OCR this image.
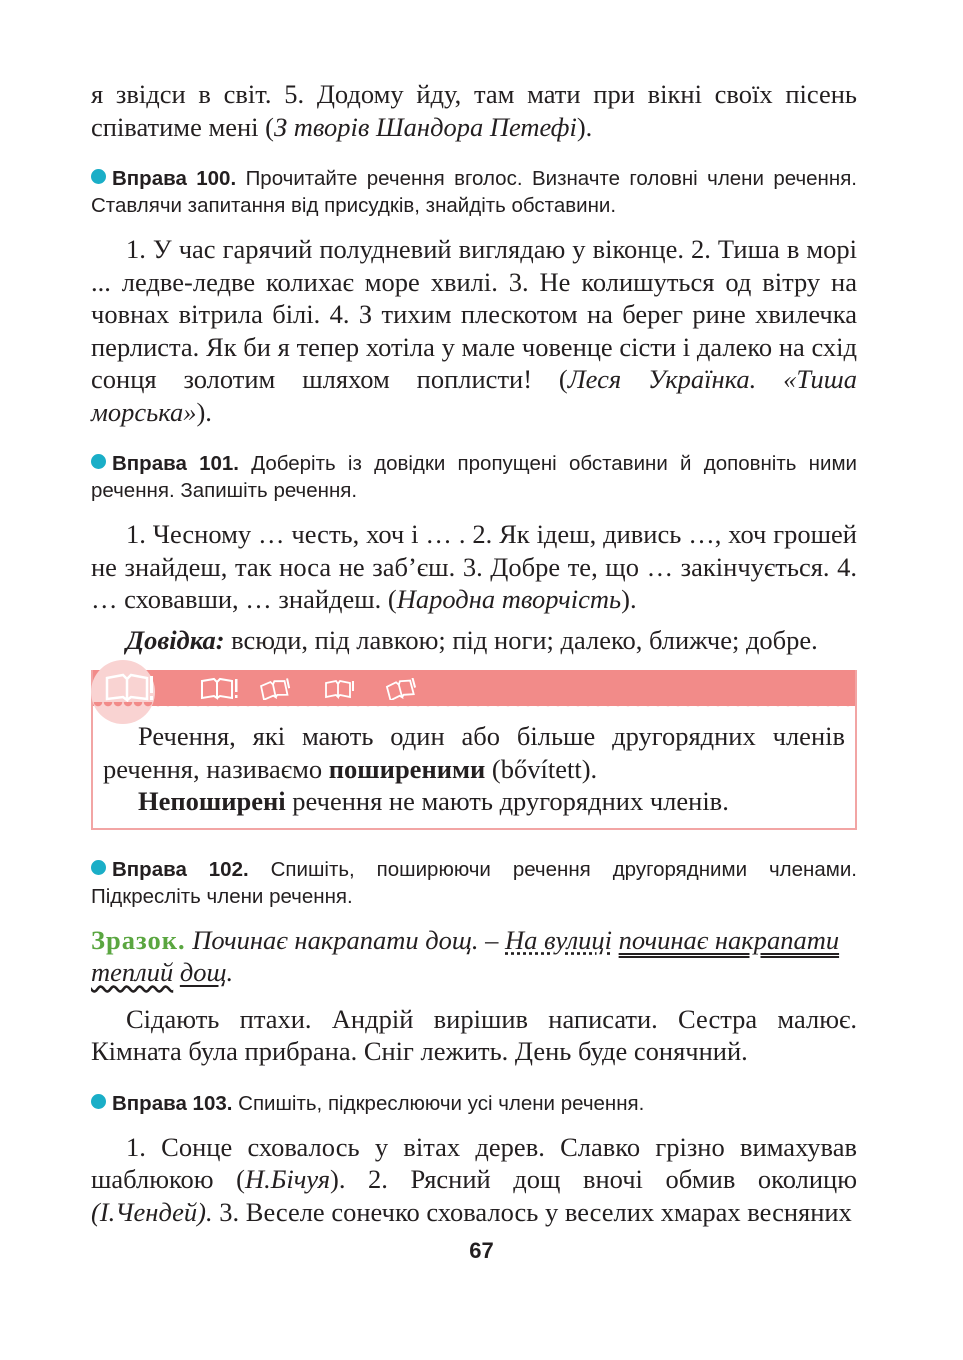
я звідси в світ. 5. Додому йду, там мати при вікні своїх пісень співатиме мені (З творів Шандора Петефі).

Вправа 100. Прочитайте речення вголос. Визначте головні члени речення. Ставлячи запитання від присудків, знайдіть обставини.

1. У час гарячий полудневий виглядаю у віконце. 2. Тиша в морі ... ледве-ледве колихає море хвилі. 3. Не колишуться од вітру на човнах вітрила білі. 4. З тихим плескотом на берег рине хвилечка перлиста. Як би я тепер хотіла у мале човенце сісти і далеко на схід сонця золотим шляхом поплисти! (Леся Українка. «Тиша морська»).

Вправа 101. Доберіть із довідки пропущені обставини й доповніть ними речення. Запишіть речення.

1. Чесному … честь, хоч і … . 2. Як ідеш, дивись …, хоч грошей не знайдеш, так носа не заб’єш. 3. Добре те, що … закінчується. 4. … сховавши, … знайдеш. (Народна творчість).

Довідка: всюди, під лавкою; під ноги; далеко, ближче; добре.

Речення, які мають один або більше другорядних членів речення, називаємо поширеними (bővített).

Непоширені речення не мають другорядних членів.

Вправа 102. Спишіть, поширюючи речення другорядними членами. Підкресліть члени речення.

Зразок. Починає накрапати дощ. – На вулиці починає накрапати теплий дощ.

Сідають птахи. Андрій вирішив написати. Сестра малює. Кімната була прибрана. Сніг лежить. День буде сонячний.

Вправа 103. Спишіть, підкреслюючи усі члени речення.

1. Сонце сховалось у вітах дерев. Славко грізно вимахував шаблюкою (Н.Бічуя). 2. Рясний дощ вночі обмив околицю (І.Чендей). 3. Веселе сонечко сховалось у веселих хмарах весняних

67
